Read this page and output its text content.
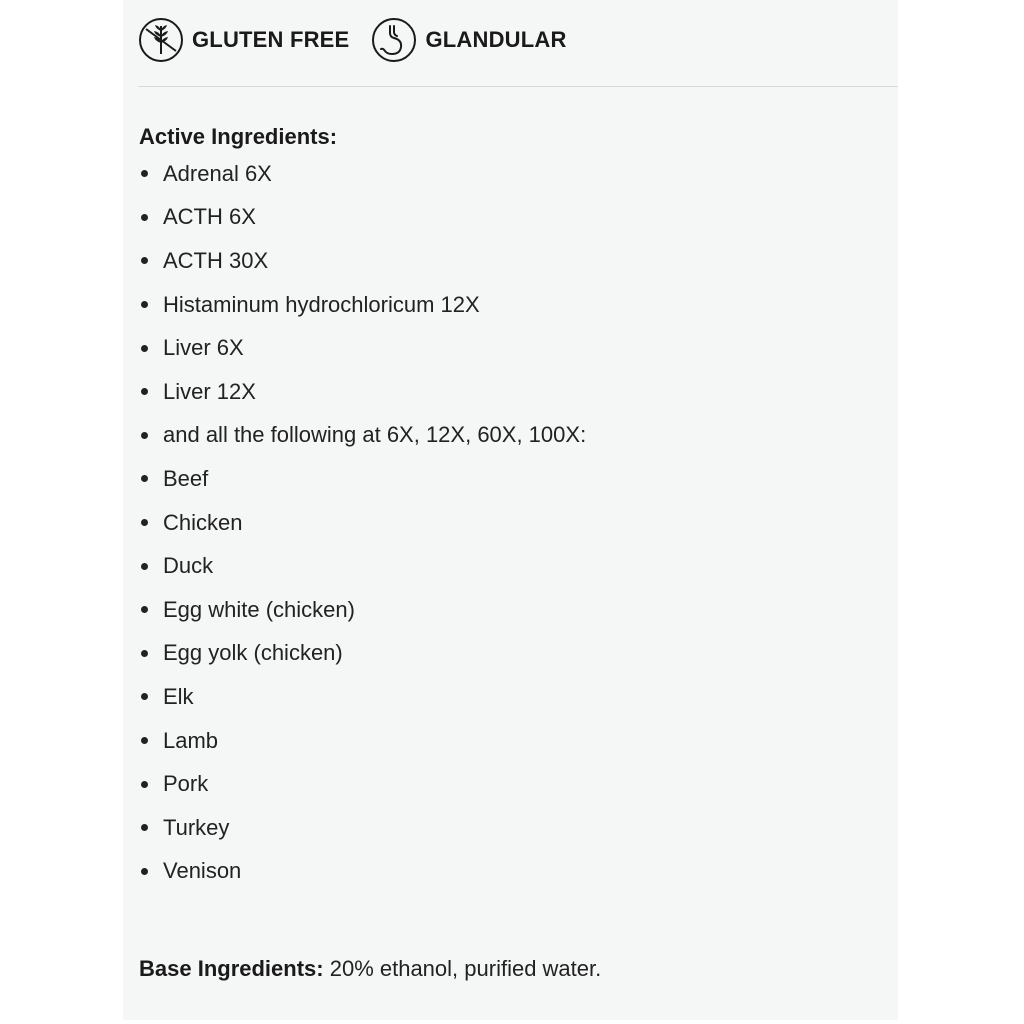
GLUTEN FREE	GLANDULAR
Active Ingredients:
Adrenal 6X
ACTH 6X
ACTH 30X
Histaminum hydrochloricum 12X
Liver 6X
Liver 12X
and all the following at 6X, 12X, 60X, 100X:
Beef
Chicken
Duck
Egg white (chicken)
Egg yolk (chicken)
Elk
Lamb
Pork
Turkey
Venison
Base Ingredients: 20% ethanol, purified water.
